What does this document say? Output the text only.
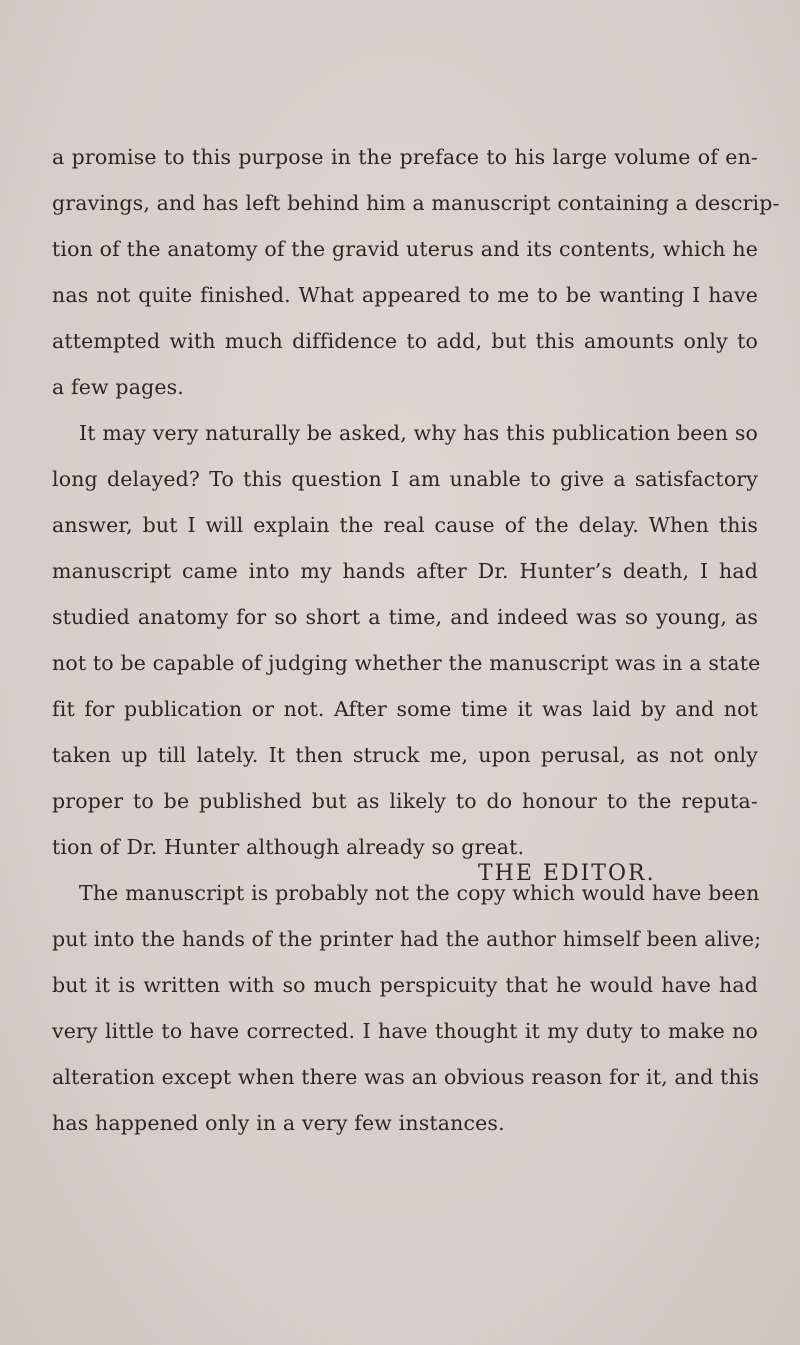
a promise to this purpose in the preface to his large volume of en-
gravings, and has left behind him a manuscript containing a descrip-
tion of the anatomy of the gravid uterus and its contents, which he
nas not quite finished. What appeared to me to be wanting I have
attempted with much diffidence to add, but this amounts only to
a few pages.
It may very naturally be asked, why has this publication been so
long delayed? To this question I am unable to give a satisfactory
answer, but I will explain the real cause of the delay. When this
manuscript came into my hands after Dr. Hunter’s death, I had
studied anatomy for so short a time, and indeed was so young, as
not to be capable of judging whether the manuscript was in a state
fit for publication or not. After some time it was laid by and not
taken up till lately. It then struck me, upon perusal, as not only
proper to be published but as likely to do honour to the reputa-
tion of Dr. Hunter although already so great.
The manuscript is probably not the copy which would have been
put into the hands of the printer had the author himself been alive;
but it is written with so much perspicuity that he would have had
very little to have corrected. I have thought it my duty to make no
alteration except when there was an obvious reason for it, and this
has happened only in a very few instances.
THE EDITOR.
